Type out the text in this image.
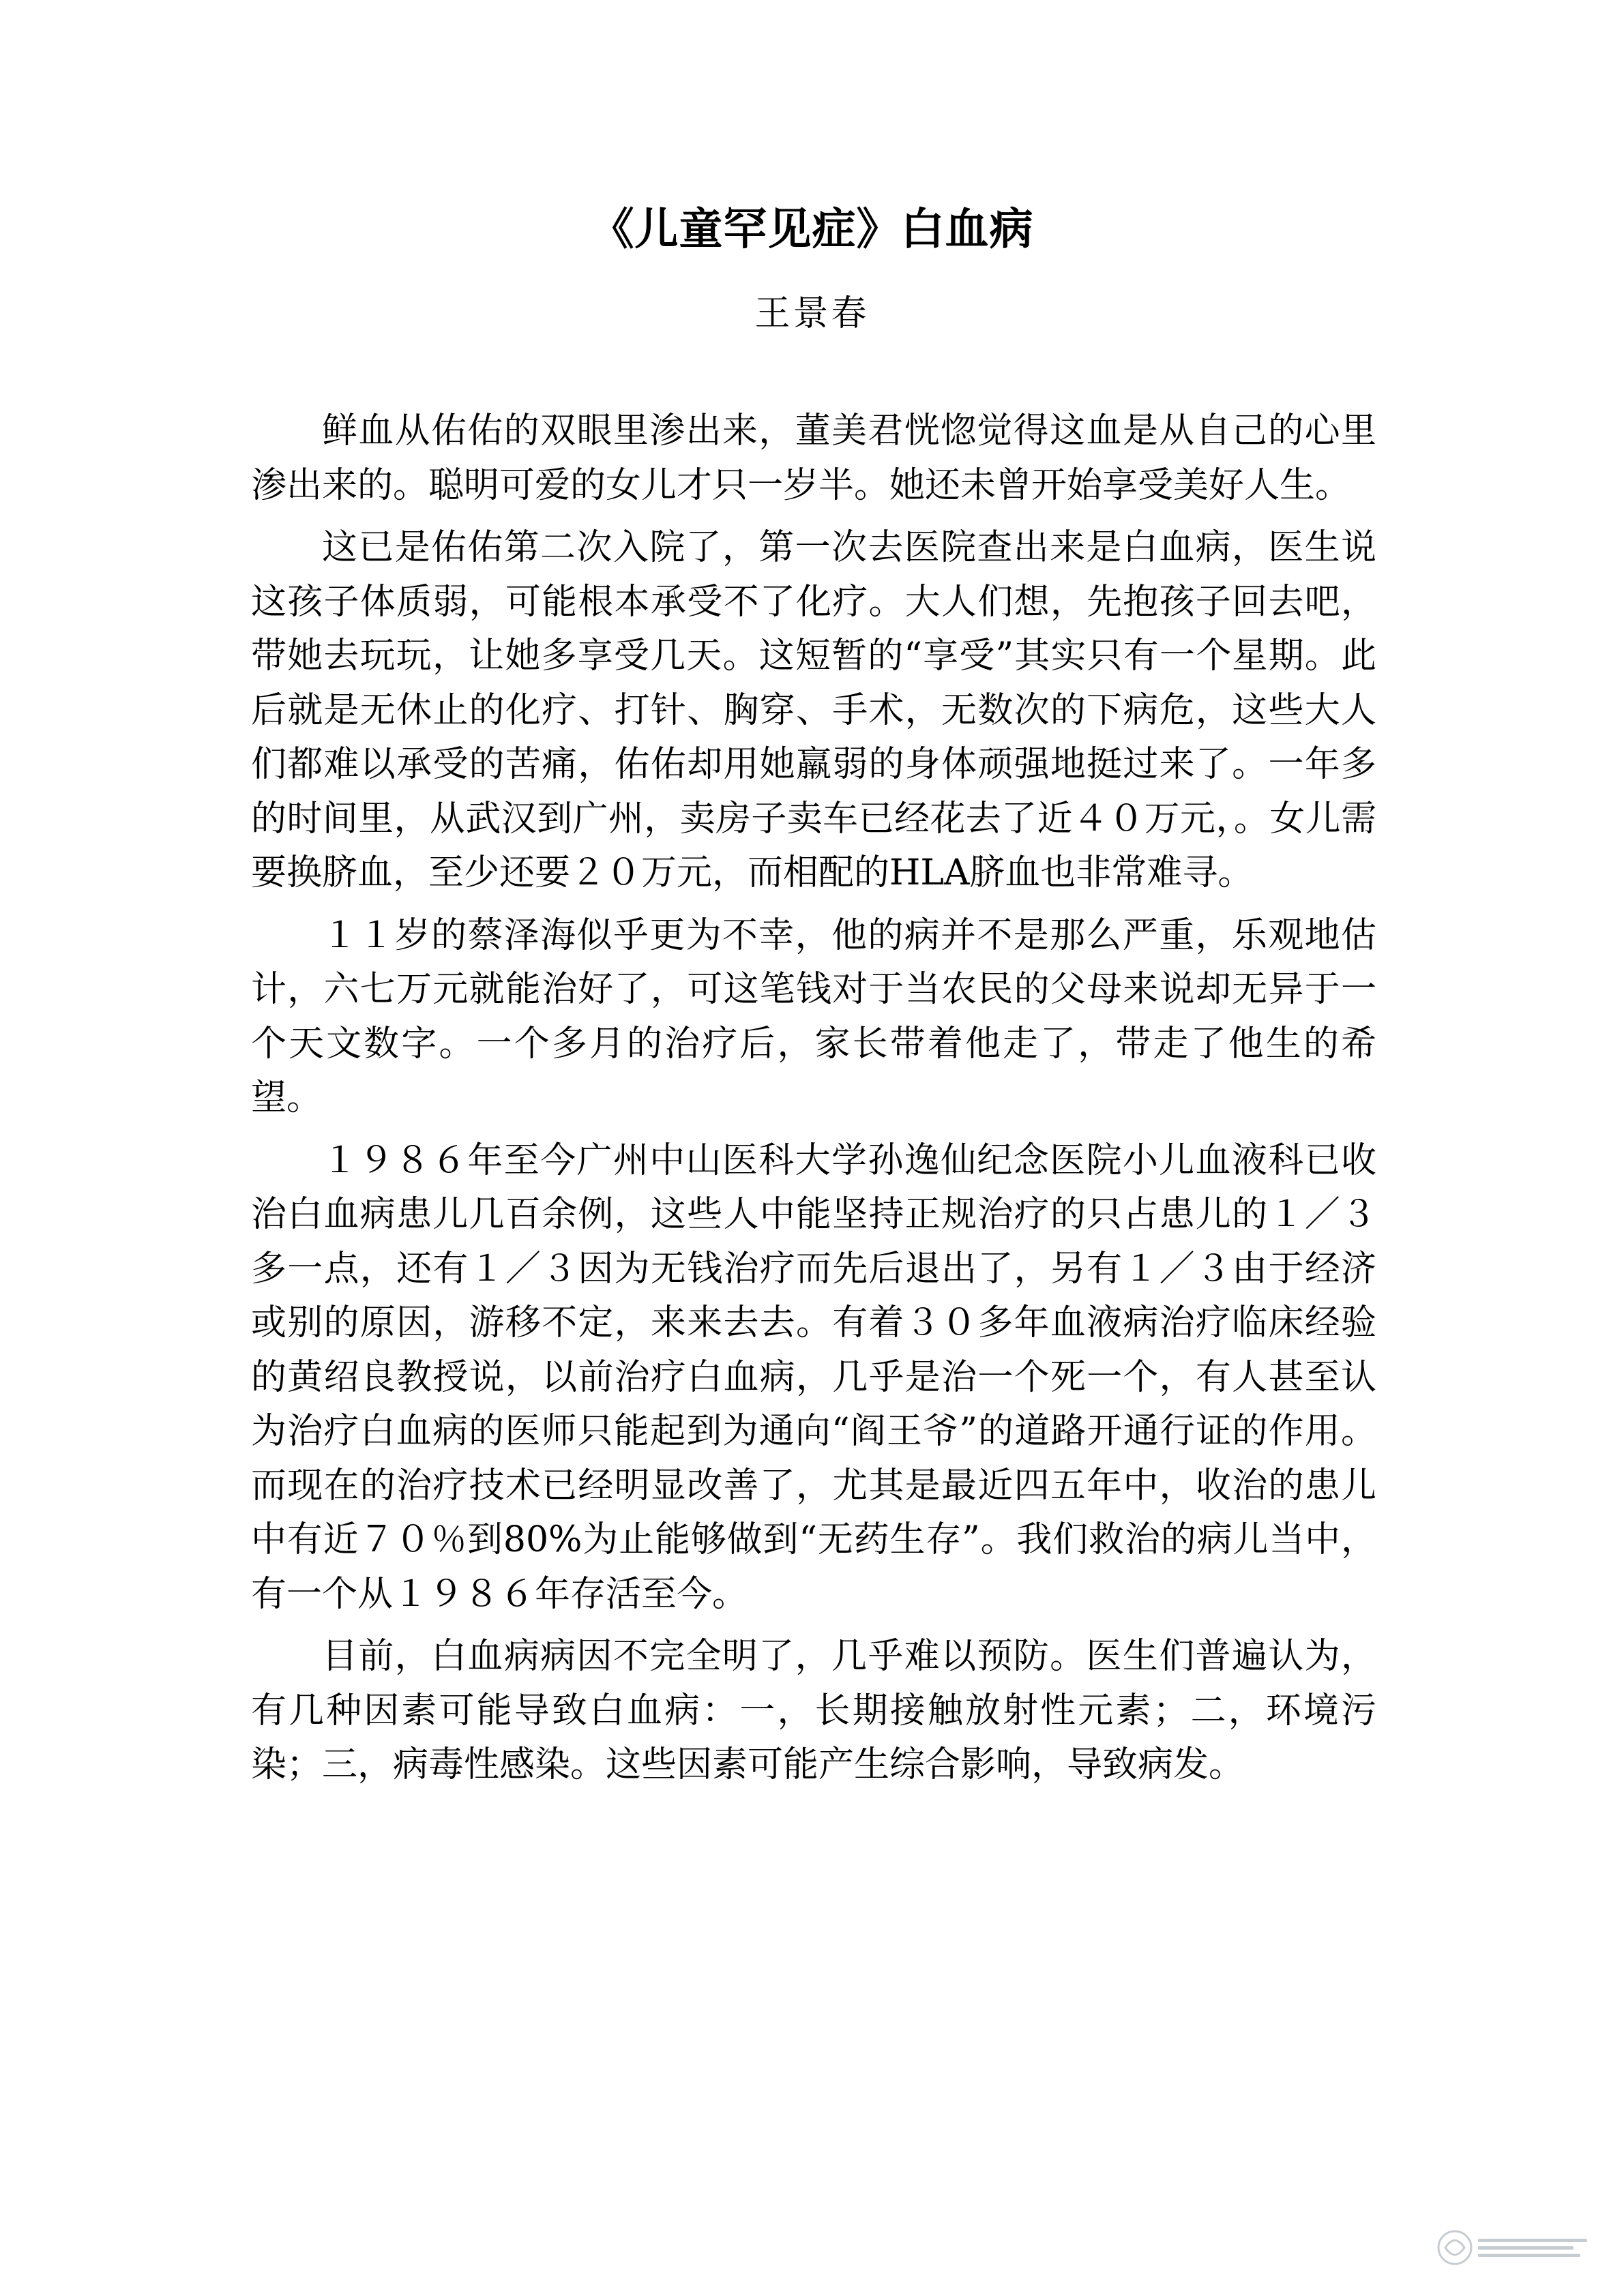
《儿童罕见症》白血病
王景春

鲜血从佑佑的双眼里渗出来，董美君恍惚觉得这血是从自己的心里渗出来的。聪明可爱的女儿才只一岁半。她还未曾开始享受美好人生。

这已是佑佑第二次入院了，第一次去医院查出来是白血病，医生说这孩子体质弱，可能根本承受不了化疗。大人们想，先抱孩子回去吧，带她去玩玩，让她多享受几天。这短暂的“享受”其实只有一个星期。此后就是无休止的化疗、打针、胸穿、手术，无数次的下病危，这些大人们都难以承受的苦痛，佑佑却用她羸弱的身体顽强地挺过来了。一年多的时间里，从武汉到广州，卖房子卖车已经花去了近４０万元，。女儿需要换脐血，至少还要２０万元，而相配的HLA脐血也非常难寻。

１１岁的蔡泽海似乎更为不幸，他的病并不是那么严重，乐观地估计，六七万元就能治好了，可这笔钱对于当农民的父母来说却无异于一个天文数字。一个多月的治疗后，家长带着他走了，带走了他生的希望。

１９８６年至今广州中山医科大学孙逸仙纪念医院小儿血液科已收治白血病患儿几百余例，这些人中能坚持正规治疗的只占患儿的１／３多一点，还有１／３因为无钱治疗而先后退出了，另有１／３由于经济或别的原因，游移不定，来来去去。有着３０多年血液病治疗临床经验的黄绍良教授说，以前治疗白血病，几乎是治一个死一个，有人甚至认为治疗白血病的医师只能起到为通向“阎王爷”的道路开通行证的作用。而现在的治疗技术已经明显改善了，尤其是最近四五年中，收治的患儿中有近７０％到80%为止能够做到“无药生存”。我们救治的病儿当中，有一个从１９８６年存活至今。

目前，白血病病因不完全明了，几乎难以预防。医生们普遍认为，有几种因素可能导致白血病：一，长期接触放射性元素；二，环境污染；三，病毒性感染。这些因素可能产生综合影响，导致病发。
